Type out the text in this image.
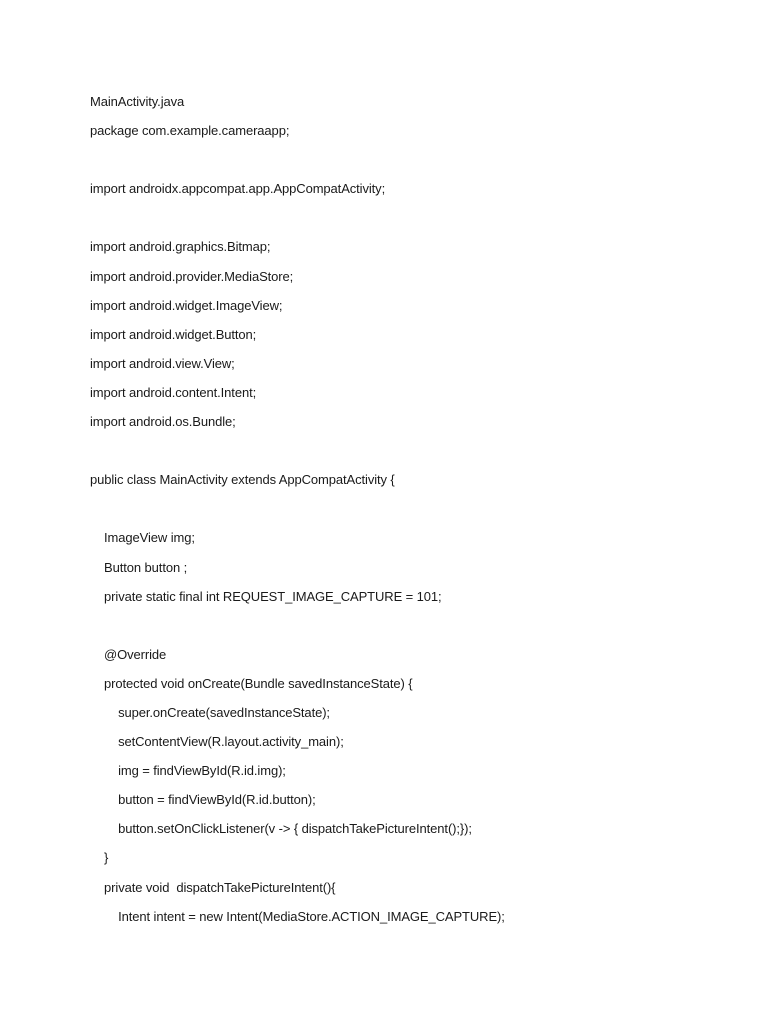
MainActivity.java
package com.example.cameraapp;
import androidx.appcompat.app.AppCompatActivity;
import android.graphics.Bitmap;
import android.provider.MediaStore;
import android.widget.ImageView;
import android.widget.Button;
import android.view.View;
import android.content.Intent;
import android.os.Bundle;
public class MainActivity extends AppCompatActivity {
ImageView img;
Button button ;
private static final int REQUEST_IMAGE_CAPTURE = 101;
@Override
protected void onCreate(Bundle savedInstanceState) {
super.onCreate(savedInstanceState);
setContentView(R.layout.activity_main);
img = findViewById(R.id.img);
button = findViewById(R.id.button);
button.setOnClickListener(v -> { dispatchTakePictureIntent();});
}
private void  dispatchTakePictureIntent(){
Intent intent = new Intent(MediaStore.ACTION_IMAGE_CAPTURE);
